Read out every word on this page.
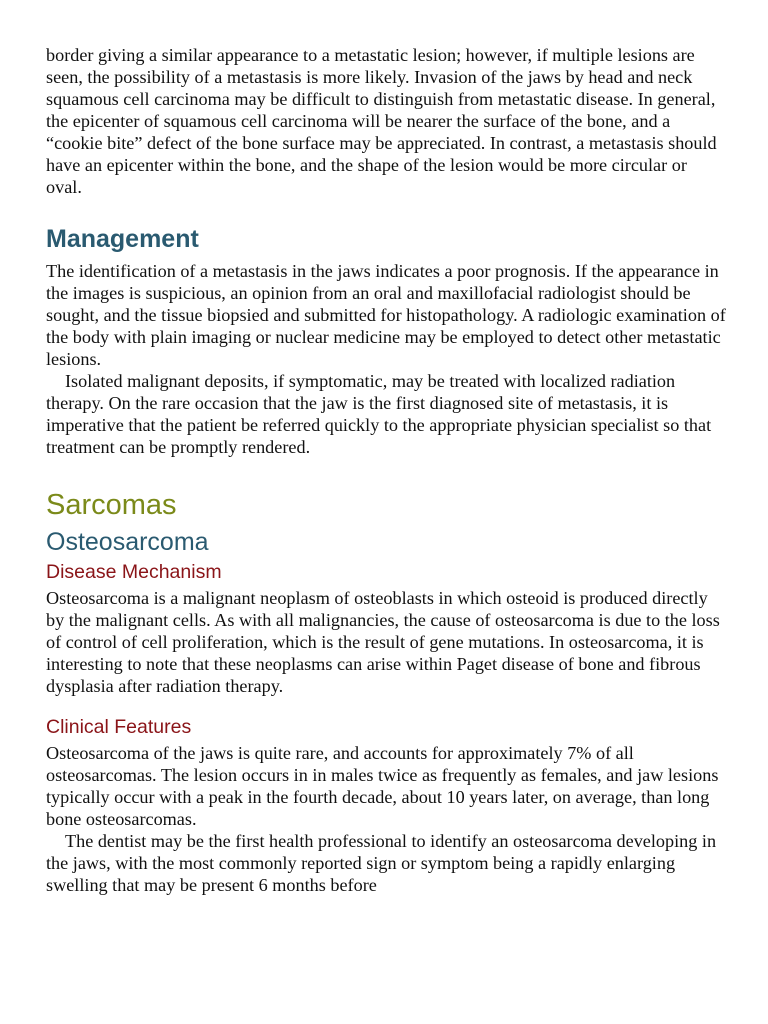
border giving a similar appearance to a metastatic lesion; however, if multiple lesions are seen, the possibility of a metastasis is more likely. Invasion of the jaws by head and neck squamous cell carcinoma may be difficult to distinguish from metastatic disease. In general, the epicenter of squamous cell carcinoma will be nearer the surface of the bone, and a “cookie bite” defect of the bone surface may be appreciated. In contrast, a metastasis should have an epicenter within the bone, and the shape of the lesion would be more circular or oval.

Management

The identification of a metastasis in the jaws indicates a poor prognosis. If the appearance in the images is suspicious, an opinion from an oral and maxillofacial radiologist should be sought, and the tissue biopsied and submitted for histopathology. A radiologic examination of the body with plain imaging or nuclear medicine may be employed to detect other metastatic lesions.

Isolated malignant deposits, if symptomatic, may be treated with localized radiation therapy. On the rare occasion that the jaw is the first diagnosed site of metastasis, it is imperative that the patient be referred quickly to the appropriate physician specialist so that treatment can be promptly rendered.

Sarcomas
Osteosarcoma
Disease Mechanism

Osteosarcoma is a malignant neoplasm of osteoblasts in which osteoid is produced directly by the malignant cells. As with all malignancies, the cause of osteosarcoma is due to the loss of control of cell proliferation, which is the result of gene mutations. In osteosarcoma, it is interesting to note that these neoplasms can arise within Paget disease of bone and fibrous dysplasia after radiation therapy.

Clinical Features

Osteosarcoma of the jaws is quite rare, and accounts for approximately 7% of all osteosarcomas. The lesion occurs in in males twice as frequently as females, and jaw lesions typically occur with a peak in the fourth decade, about 10 years later, on average, than long bone osteosarcomas.

The dentist may be the first health professional to identify an osteosarcoma developing in the jaws, with the most commonly reported sign or symptom being a rapidly enlarging swelling that may be present 6 months before
